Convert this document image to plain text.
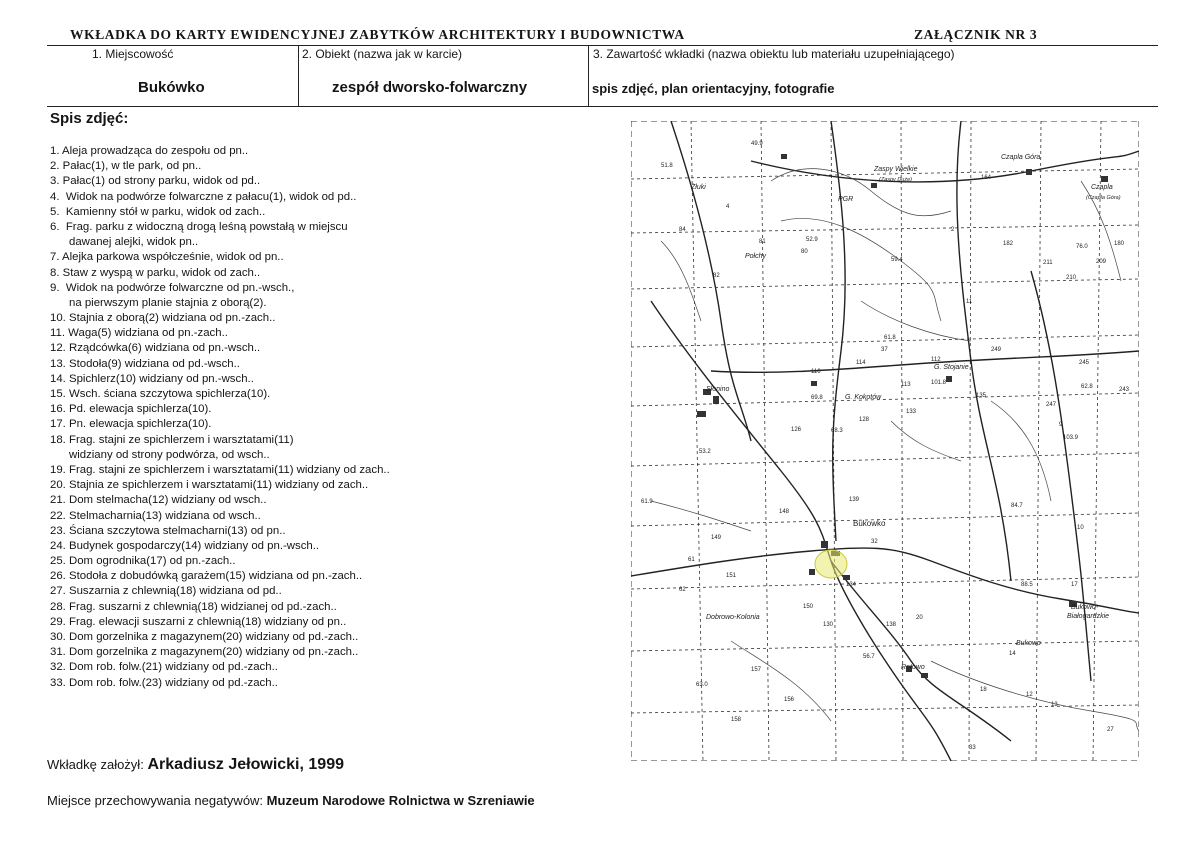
WKŁADKA DO KARTY EWIDENCYJNEJ ZABYTKÓW ARCHITEKTURY I BUDOWNICTWA	ZAŁĄCZNIK NR 3
1. Miejscowość
Bukówko
2. Obiekt (nazwa jak w karcie)
zespół dworsko-folwarczny
3. Zawartość wkładki (nazwa obiektu lub materiału uzupełniającego)
spis zdjęć, plan orientacyjny, fotografie
Spis zdjęć:
1. Aleja prowadząca do zespołu od pn..
2. Pałac(1), w tle park, od pn..
3. Pałac(1) od strony parku, widok od pd..
4.  Widok na podwórze folwarczne z pałacu(1), widok od pd..
5.  Kamienny stół w parku, widok od zach..
6.  Frag. parku z widoczną drogą leśną powstałą w miejscu
dawanej alejki, widok pn..
7. Alejka parkowa współcześnie, widok od pn..
8. Staw z wyspą w parku, widok od zach..
9.  Widok na podwórze folwarczne od pn.-wsch.,
na pierwszym planie stajnia z oborą(2).
10. Stajnia z oborą(2) widziana od pn.-zach..
11. Waga(5) widziana od pn.-zach..
12. Rządcówka(6) widziana od pn.-wsch..
13. Stodoła(9) widziana od pd.-wsch..
14. Spichlerz(10) widziany od pn.-wsch..
15. Wsch. ściana szczytowa spichlerza(10).
16. Pd. elewacja spichlerza(10).
17. Pn. elewacja spichlerza(10).
18. Frag. stajni ze spichlerzem i warsztatami(11)
widziany od strony podwórza, od wsch..
19. Frag. stajni ze spichlerzem i warsztatami(11) widziany od zach..
20. Stajnia ze spichlerzem i warsztatami(11) widziany od zach..
21. Dom stelmacha(12) widziany od wsch..
22. Stelmacharnia(13) widziana od wsch..
23. Ściana szczytowa stelmacharni(13) od pn..
24. Budynek gospodarczy(14) widziany od pn.-wsch..
25. Dom ogrodnika(17) od pn.-zach..
26. Stodoła z dobudówką garażem(15) widziana od pn.-zach..
27. Suszarnia z chlewnią(18) widziana od pd..
28. Frag. suszarni z chlewnią(18) widzianej od pd.-zach..
29. Frag. elewacji suszarni z chlewnią(18) widziany od pn..
30. Dom gorzelnika z magazynem(20) widziany od pd.-zach..
31. Dom gorzelnika z magazynem(20) widziany od pn.-zach..
32. Dom rob. folw.(21) widziany od pd.-zach..
33. Dom rob. folw.(23) widziany od pd.-zach..
Wkładkę założył: Arkadiusz Jełowicki, 1999
Miejsce przechowywania negatywów: Muzeum Narodowe Rolnictwa w Szreniawie
Zaspy Wielkie
(Zaspy Duże)
Czapla Góra
Czapla
(Czapla Góra)
PGR
Żłuki
Połchy
Słonino
G. Kokotów
G. Stojanie
Bukowko
Dobrowo-Kolonia
Rotowo
Bukowo-
Białogardzkie
Bukowo
51.8
49.9
52.9
59.4
61.8
101.8
103.9
69.8
68.3
53.2
61.9
63.0
56.7
84.7
88.5
76.0
62.8
182
211
210
209
180
243
247
245
249
164
116
114
113
112
133
135
126
128
148
149
151
157
156
158
150
138
139
134
130
32
20
17
10
14
33
27
12
13
18
37
9
61
4
2
11
62
80
81
82
84
